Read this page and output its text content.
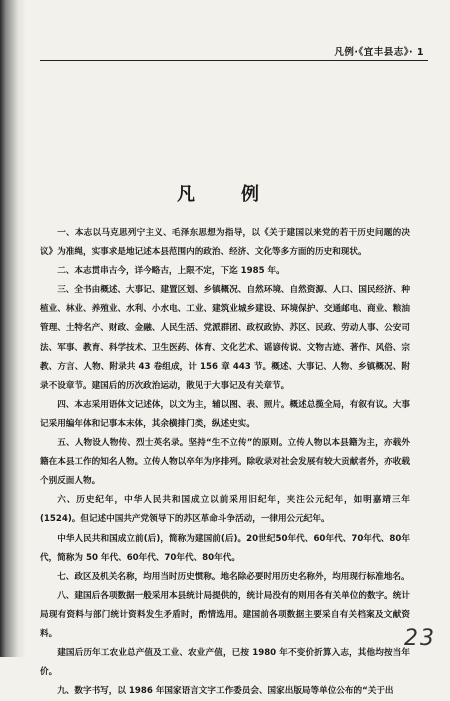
凡例·《宜丰县志》· 1
凡　例

一、本志以马克思列宁主义、毛泽东思想为指导，以《关于建国以来党的若干历史问题的决议》为准绳，实事求是地记述本县范围内的政治、经济、文化等多方面的历史和现状。

二、本志贯串古今，详今略古，上限不定，下迄 1985 年。

三、全书由概述、大事记、建置区划、乡镇概况、自然环境、自然资源、人口、国民经济、种植业、林业、养殖业、水利、小水电、工业、建筑业城乡建设、环境保护、交通邮电、商业、粮油管理、土特名产、财政、金融、人民生活、党派群团、政权政协、苏区、民政、劳动人事、公安司法、军事、教育、科学技术、卫生医药、体育、文化艺术、谣谚传说、文物古迹、著作、风俗、宗教、方言、人物、附录共 43 卷组成，计 156 章 443 节。概述、大事记、人物、乡镇概况、附录不设章节。建国后的历次政治运动，散见于大事记及有关章节。

四、本志采用语体文记述体，以文为主，辅以图、表、照片。概述总揽全局，有叙有议。大事记采用编年体和记事本末体，其余横排门类，纵述史实。

五、人物设人物传、烈士英名录。坚持“生不立传”的原则。立传人物以本县籍为主，亦载外籍在本县工作的知名人物。立传人物以卒年为序排列。除收录对社会发展有较大贡献者外，亦收载个别反面人物。

六、历史纪年，中华人民共和国成立以前采用旧纪年，夹注公元纪年，如明嘉靖三年(1524)。但记述中国共产党领导下的苏区革命斗争活动，一律用公元纪年。

中华人民共和国成立前(后)，简称为建国前(后)。20世纪50年代、60年代、70年代、80年代，简称为 50 年代、60年代、70年代、80年代。

七、政区及机关名称，均用当时历史惯称。地名除必要时用历史名称外，均用现行标准地名。

八、建国后各项数据一般采用本县统计局提供的，统计局没有的则用各有关单位的数字。统计局现有资料与部门统计资料发生矛盾时，酌情选用。建国前各项数据主要采自有关档案及文献资料。

建国后历年工农业总产值及工业、农业产值，已按 1980 年不变价折算入志，其他均按当年价。

九、数字书写，以 1986 年国家语言文字工作委员会、国家出版局等单位公布的“关于出

23
